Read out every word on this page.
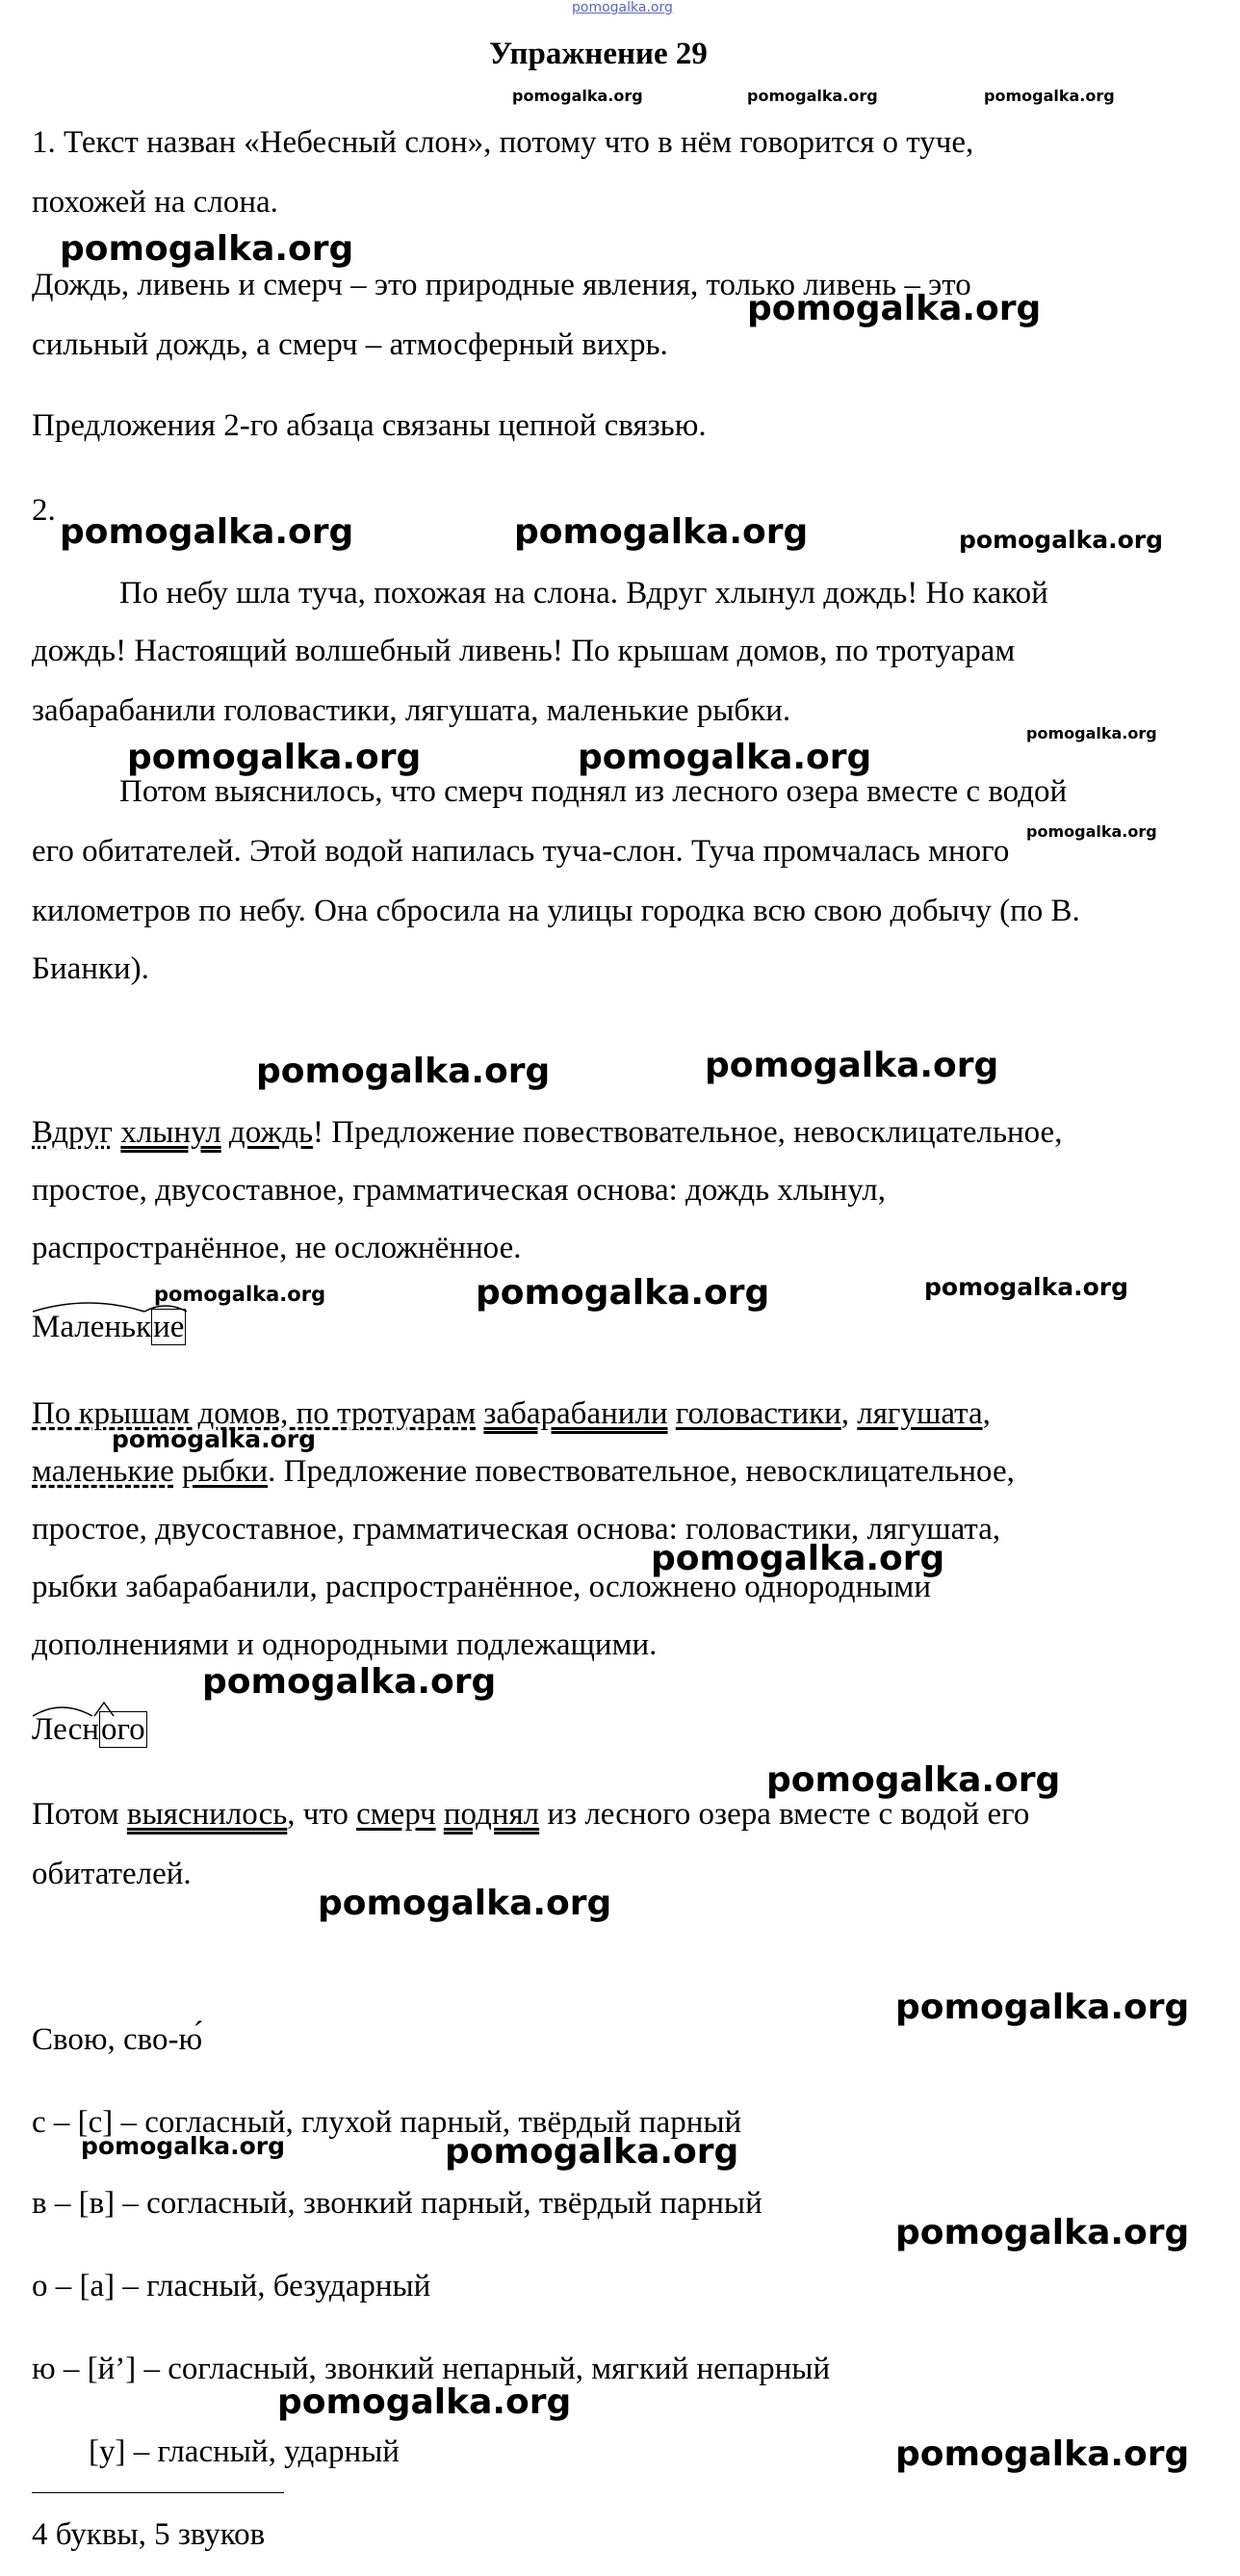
pomogalka.org
Упражнение 29
1. Текст назван «Небесный слон», потому что в нём говорится о туче,
похожей на слона.
Дождь, ливень и смерч – это природные явления, только ливень – это
сильный дождь, а смерч – атмосферный вихрь.
Предложения 2-го абзаца связаны цепной связью.
2.
По небу шла туча, похожая на слона. Вдруг хлынул дождь! Но какой
дождь! Настоящий волшебный ливень! По крышам домов, по тротуарам
забарабанили головастики, лягушата, маленькие рыбки.
Потом выяснилось, что смерч поднял из лесного озера вместе с водой
его обитателей. Этой водой напилась туча-слон. Туча промчалась много
километров по небу. Она сбросила на улицы городка всю свою добычу (по В.
Бианки).
Вдруг хлынул дождь! Предложение повествовательное, невосклицательное,
простое, двусоставное, грамматическая основа: дождь хлынул,
распространённое, не осложнённое.
Маленькие
По крышам домов, по тротуарам забарабанили головастики, лягушата,
маленькие рыбки. Предложение повествовательное, невосклицательное,
простое, двусоставное, грамматическая основа: головастики, лягушата,
рыбки забарабанили, распространённое, осложнено однородными
дополнениями и однородными подлежащими.
Лесного
Потом выяснилось, что смерч поднял из лесного озера вместе с водой его
обитателей.
Свою, сво-ю́
с – [с] – согласный, глухой парный, твёрдый парный
в – [в] – согласный, звонкий парный, твёрдый парный
о – [а] – гласный, безударный
ю – [й’] – согласный, звонкий непарный, мягкий непарный
[у] – гласный, ударный
4 буквы, 5 звуков
pomogalka.org	pomogalka.org	pomogalka.org
pomogalka.org
pomogalka.org
pomogalka.org	pomogalka.org	pomogalka.org
pomogalka.org
pomogalka.org	pomogalka.org
pomogalka.org
pomogalka.org	pomogalka.org
pomogalka.org	pomogalka.org	pomogalka.org
pomogalka.org
pomogalka.org
pomogalka.org
pomogalka.org
pomogalka.org
pomogalka.org
pomogalka.org	pomogalka.org
pomogalka.org
pomogalka.org
pomogalka.org
